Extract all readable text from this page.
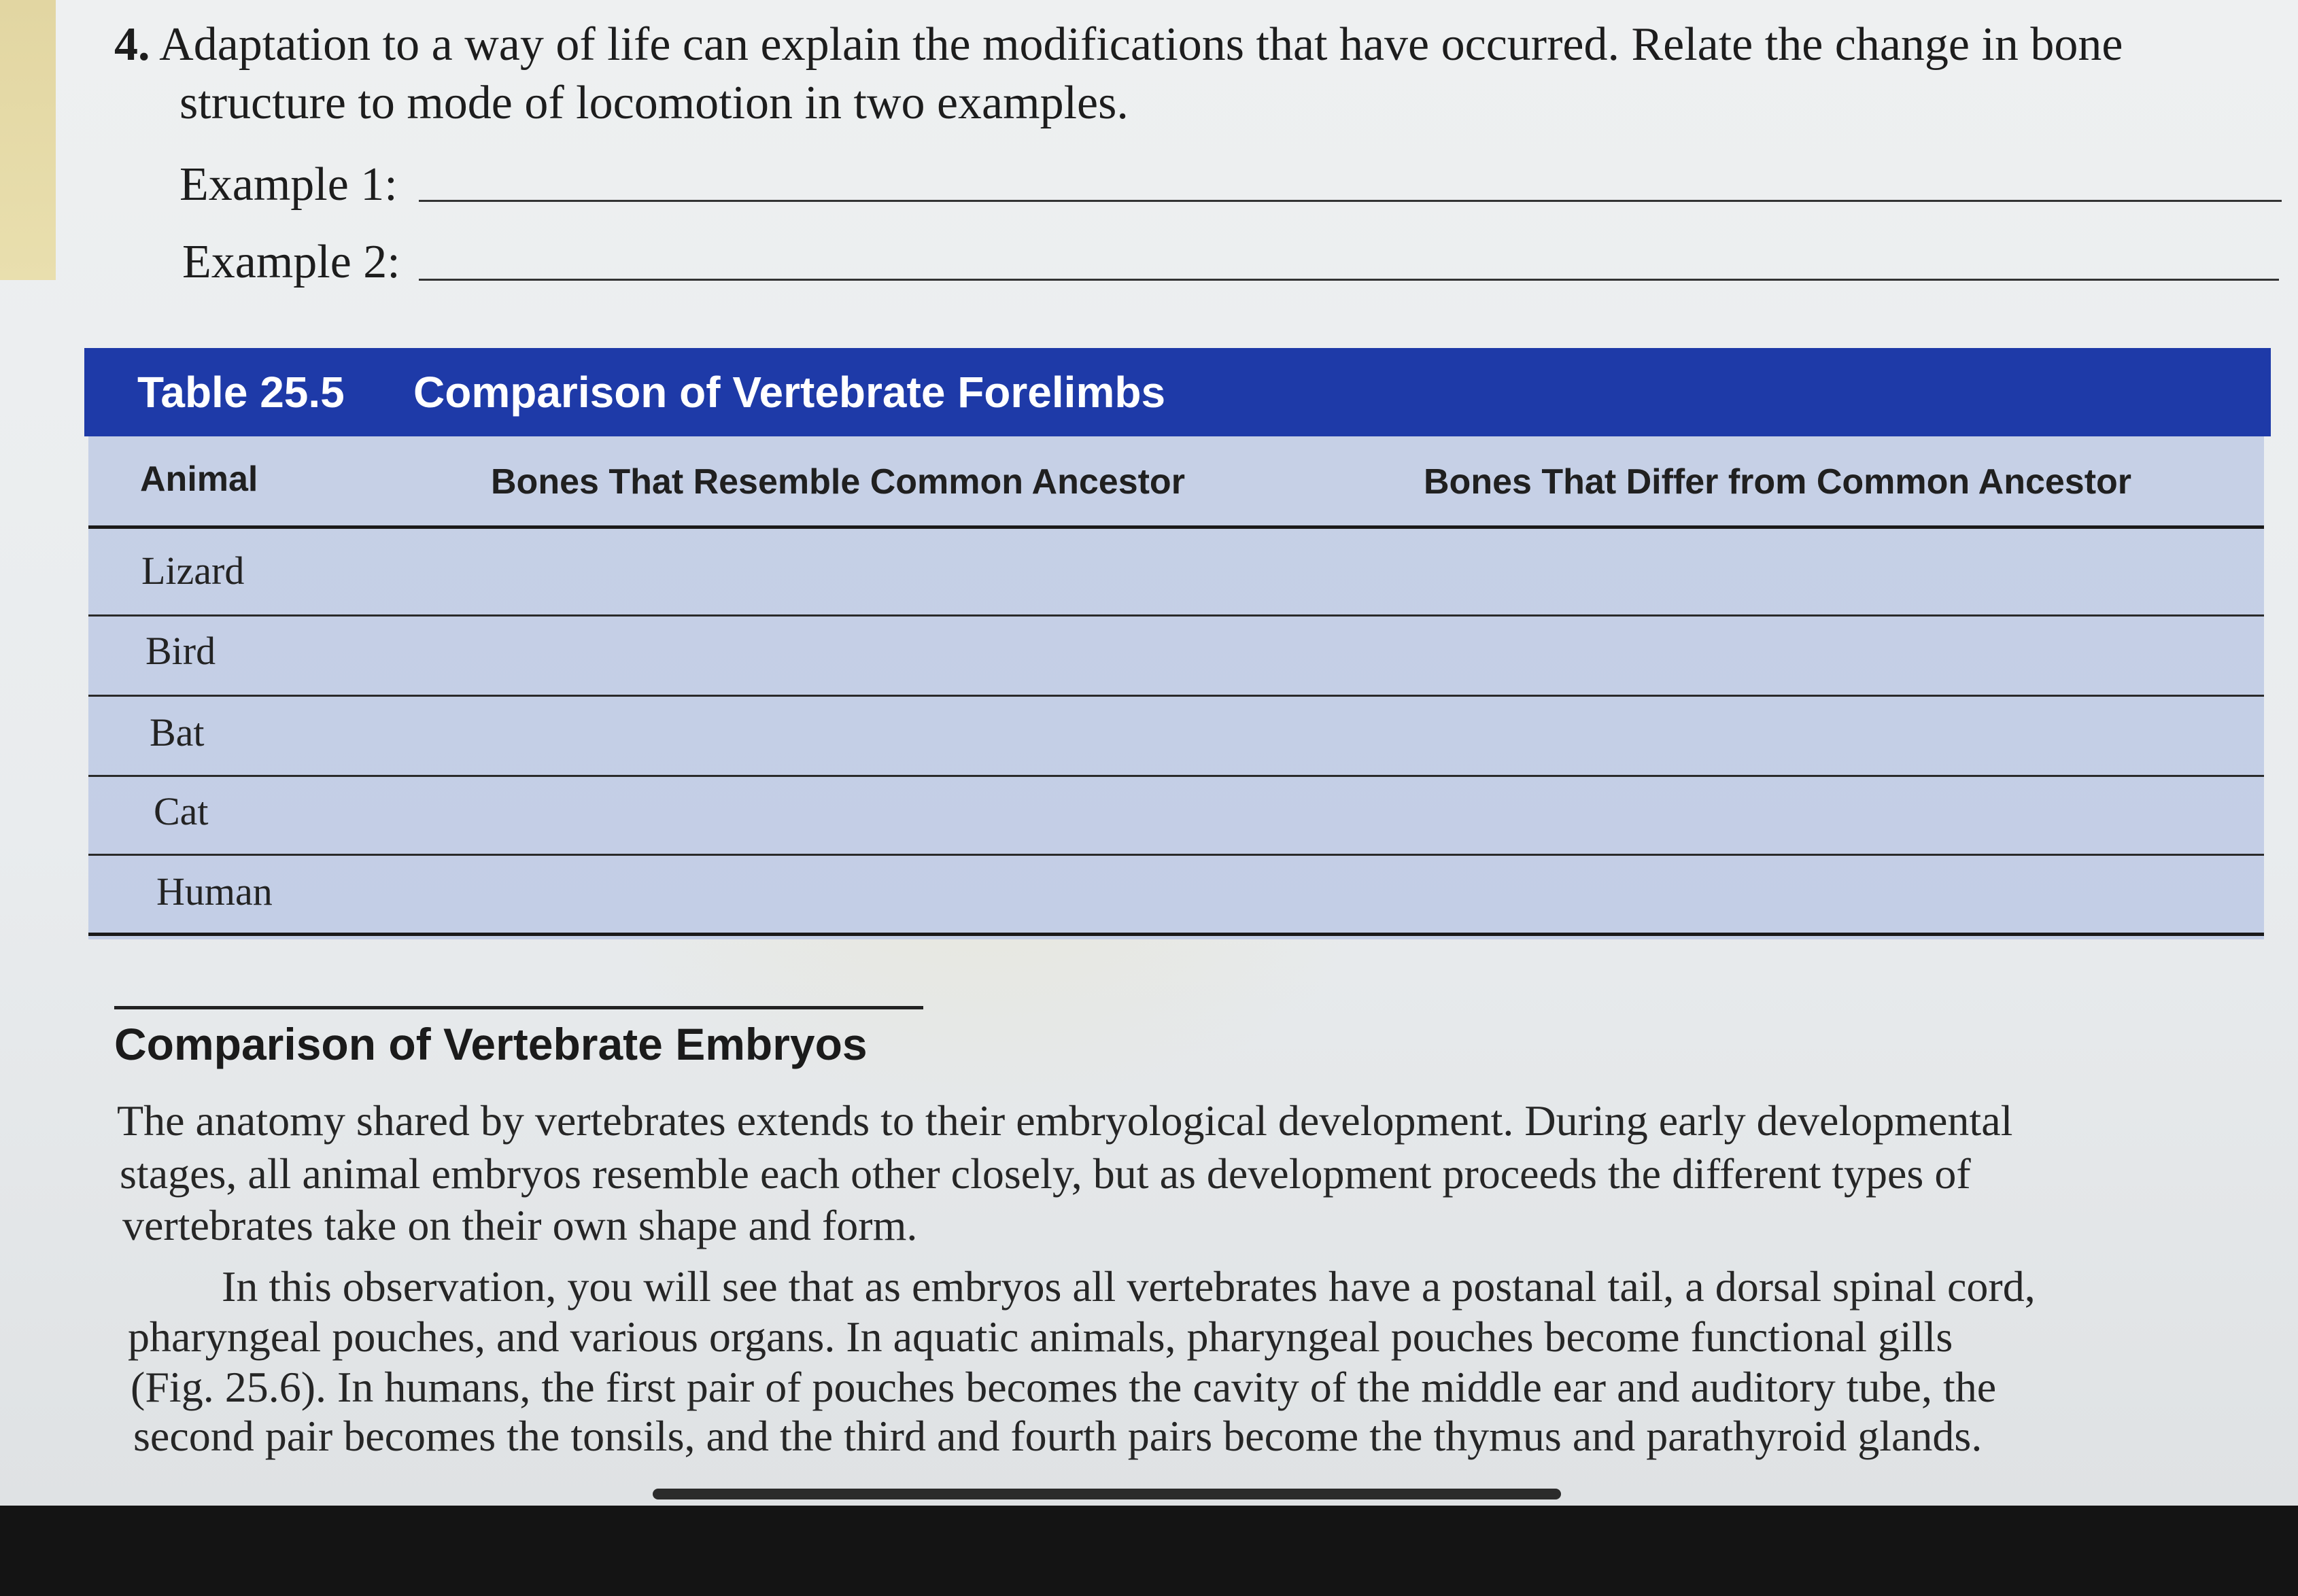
4. Adaptation to a way of life can explain the modifications that have occurred. Relate the change in bone
structure to mode of locomotion in two examples.
Example 1:
Example 2:
Table 25.5 Comparison of Vertebrate Forelimbs
Animal	Bones That Resemble Common Ancestor	Bones That Differ from Common Ancestor
Lizard
Bird
Bat
Cat
Human
Comparison of Vertebrate Embryos
The anatomy shared by vertebrates extends to their embryological development. During early developmental
stages, all animal embryos resemble each other closely, but as development proceeds the different types of
vertebrates take on their own shape and form.
In this observation, you will see that as embryos all vertebrates have a postanal tail, a dorsal spinal cord,
pharyngeal pouches, and various organs. In aquatic animals, pharyngeal pouches become functional gills
(Fig. 25.6). In humans, the first pair of pouches becomes the cavity of the middle ear and auditory tube, the
second pair becomes the tonsils, and the third and fourth pairs become the thymus and parathyroid glands.
